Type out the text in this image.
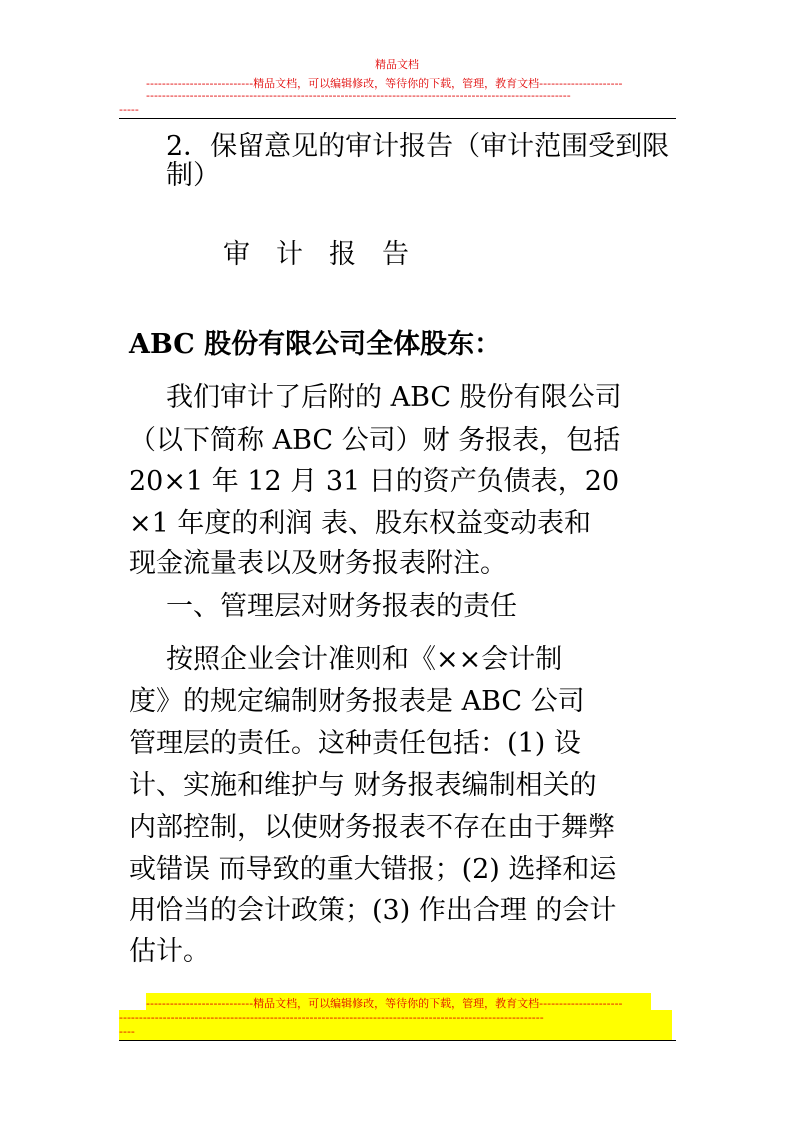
精品文档
---------------------------精品文档，可以编辑修改，等待你的下载，管理，教育文档---------------------
-----------------------------------------------------------------------------------------------------------
-----
2．保留意见的审计报告（审计范围受到限制）
审计报告
ABC 股份有限公司全体股东：
我们审计了后附的 ABC 股份有限公司
（以下简称 ABC 公司）财 务报表，包括
20×1 年 12 月 31 日的资产负债表，20
×1 年度的利润 表、股东权益变动表和
现金流量表以及财务报表附注。
一、管理层对财务报表的责任
按照企业会计准则和《××会计制
度》的规定编制财务报表是 ABC 公司
管理层的责任。这种责任包括：(1) 设
计、实施和维护与 财务报表编制相关的
内部控制，以使财务报表不存在由于舞弊
或错误 而导致的重大错报；(2) 选择和运
用恰当的会计政策；(3) 作出合理 的会计
估计。
---------------------------精品文档，可以编辑修改，等待你的下载，管理，教育文档---------------------
-----------------------------------------------------------------------------------------------------------
----
